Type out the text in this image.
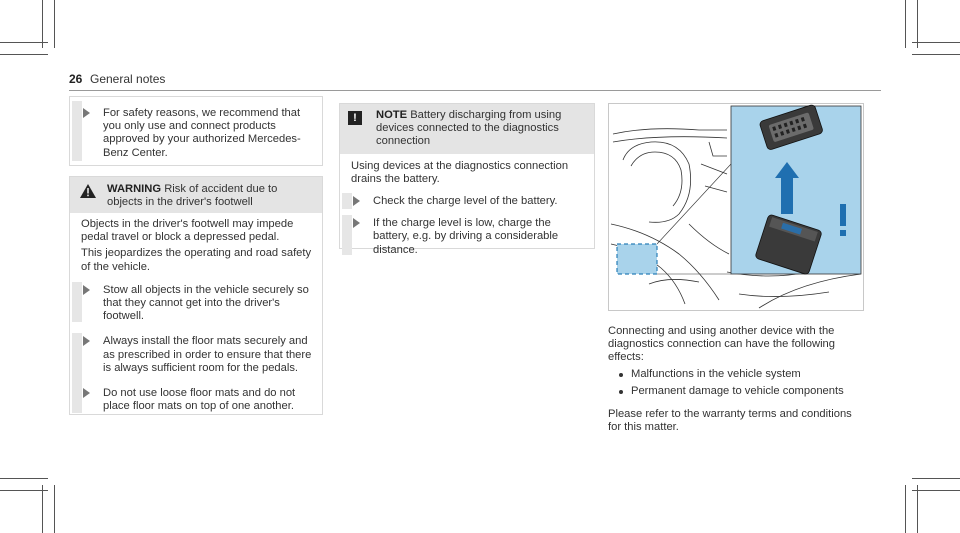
26 General notes
For safety reasons, we recommend that you only use and connect products approved by your authorized Mercedes-Benz Center.
WARNING Risk of accident due to objects in the driver's footwell
Objects in the driver's footwell may impede pedal travel or block a depressed pedal.
This jeopardizes the operating and road safety of the vehicle.
Stow all objects in the vehicle securely so that they cannot get into the driver's footwell.
Always install the floor mats securely and as prescribed in order to ensure that there is always sufficient room for the pedals.
Do not use loose floor mats and do not place floor mats on top of one another.
!	NOTE Battery discharging from using devices connected to the diagnostics connection
Using devices at the diagnostics connection drains the battery.
Check the charge level of the battery.
If the charge level is low, charge the battery, e.g. by driving a considerable distance.
Connecting and using another device with the diagnostics connection can have the following effects:
Malfunctions in the vehicle system
Permanent damage to vehicle components
Please refer to the warranty terms and conditions for this matter.
